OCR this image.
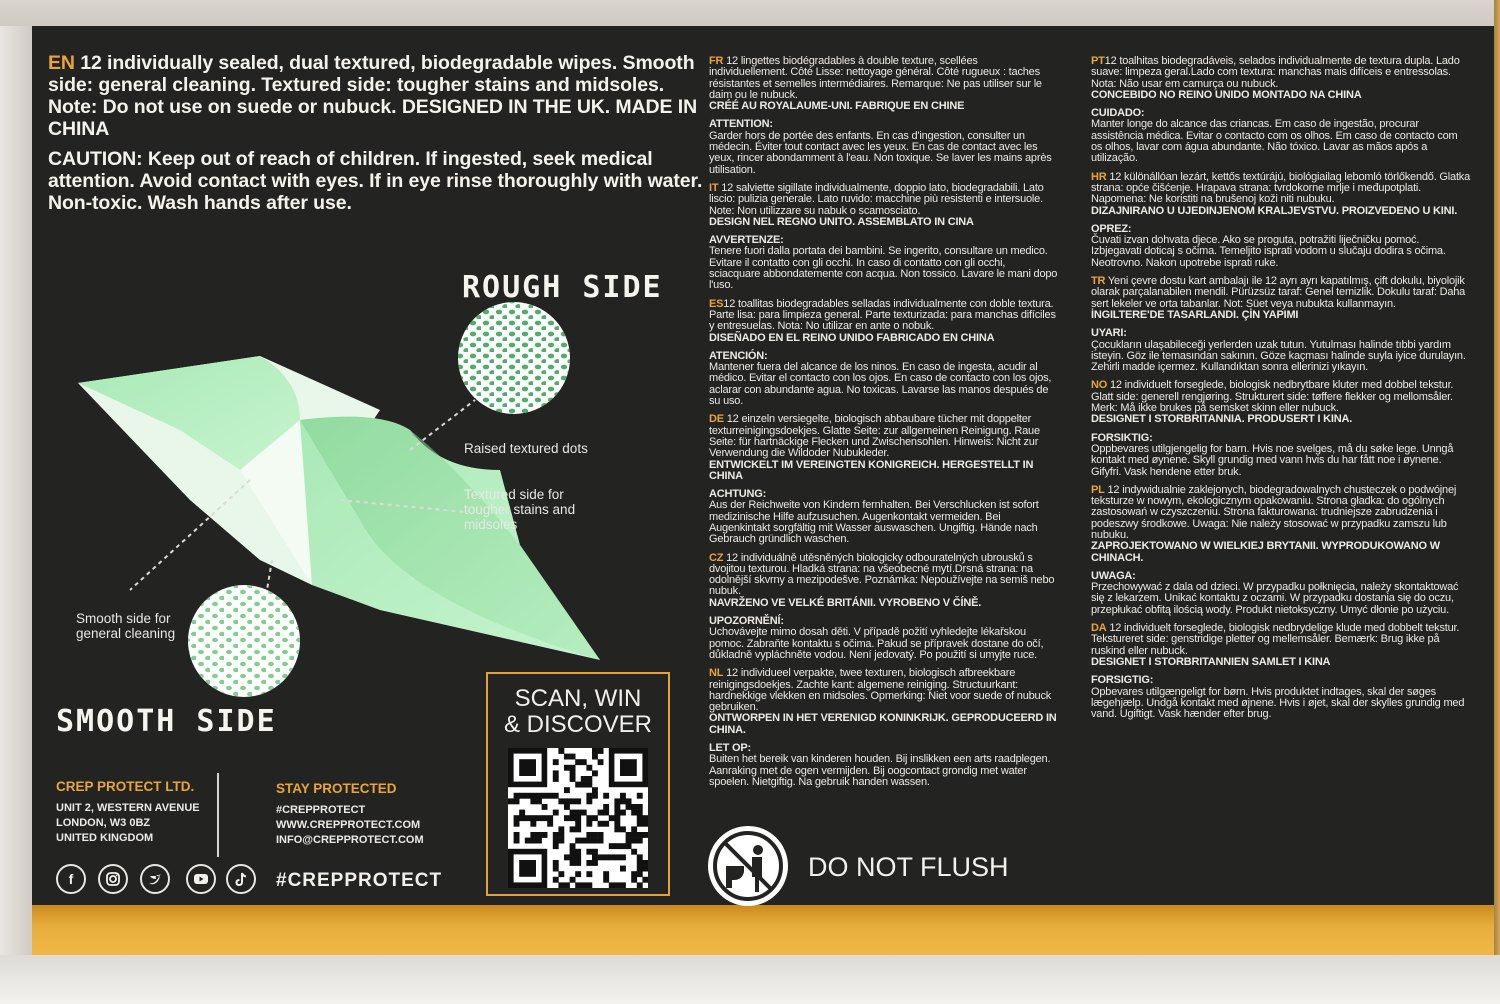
EN 12 individually sealed, dual textured, biodegradable wipes. Smooth side: general cleaning. Textured side: tougher stains and midsoles. Note: Do not use on suede or nubuck. DESIGNED IN THE UK. MADE IN CHINA

CAUTION: Keep out of reach of children. If ingested, seek medical attention. Avoid contact with eyes. If in eye rinse thoroughly with water. Non-toxic. Wash hands after use.

ROUGH SIDE
SMOOTH SIDE
Raised textured dots
Textured side for tougher stains and midsoles
Smooth side for general cleaning
FR 12 lingettes biodégradables à double texture, scellées individuellement. Côté Lisse: nettoyage général. Côté rugueux : taches résistantes et semelles intermédiaires. Remarque: Ne pas utiliser sur le daim ou le nubuck.
CRÉÉ AU ROYALAUME-UNI. FABRIQUE EN CHINE
ATTENTION:
Garder hors de portée des enfants. En cas d'ingestion, consulter un médecin. Éviter tout contact avec les yeux. En cas de contact avec les yeux, rincer abondamment à l'eau. Non toxique. Se laver les mains après utilisation.
IT 12 salviette sigillate individualmente, doppio lato, biodegradabili. Lato liscio: pulizia generale. Lato ruvido: macchine più resistenti e intersuole. Note: Non utilizzare su nabuk o scamosciato.
DESIGN NEL REGNO UNITO. ASSEMBLATO IN CINA
AVVERTENZE:
Tenere fuori dalla portata dei bambini. Se ingerito, consultare un medico. Evitare il contatto con gli occhi. In caso di contatto con gli occhi, sciacquare abbondatemente con acqua. Non tossico. Lavare le mani dopo l'uso.
ES12 toallitas biodegradables selladas individualmente con doble textura. Parte lisa: para limpieza general. Parte texturizada: para manchas difíciles y entresuelas. Nota: No utilizar en ante o nobuk.
DISEÑADO EN EL REINO UNIDO FABRICADO EN CHINA
ATENCIÓN:
Mantener fuera del alcance de los ninos. En caso de ingesta, acudir al médico. Evitar el contacto con los ojos. En caso de contacto con los ojos, aclarar con abundante agua. No toxicas. Lavarse las manos después de su uso.
DE 12 einzeln versiegelte, biologisch abbaubare tücher mit doppelter texturreinigingsdoekjes. Glatte Seite: zur allgemeinen Reinigung. Raue Seite: für hartnäckige Flecken und Zwischensohlen. Hinweis: Nicht zur Verwendung die Wildoder Nubukleder.
ENTWICKELT IM VEREINGTEN KONIGREICH. HERGESTELLT IN CHINA
ACHTUNG:
Aus der Reichweite von Kindern fernhalten. Bei Verschlucken ist sofort medizinische Hilfe aufzusuchen. Augenkontakt vermeiden. Bei Augenkintakt sorgfältig mit Wasser auswaschen. Ungiftig. Hände nach Gebrauch gründlich waschen.
CZ 12 individuálně utěsněných biologicky odbouratelných ubrousků s dvojitou texturou. Hladká strana: na všeobecné mytí.Drsná strana: na odolnější skvrny a mezipodešve. Poznámka: Nepoužívejte na semiš nebo nubuk.
NAVRŽENO VE VELKÉ BRITÁNII. VYROBENO V ČÍNĚ.
UPOZORNĚNÍ:
Uchovávejte mimo dosah děti. V případě požití vyhledejte lékařskou pomoc. Zabraňte kontaktu s očima. Pakud se přípravek dostane do očí, důkladně vypláchněte vodou. Není jedovatý. Po použití si umyjte ruce.
NL 12 individueel verpakte, twee texturen, biologisch afbreekbare reinigingsdoekjes. Zachte kant: algemene reiniging. Structuurkant: hardnekkige vlekken en midsoles. Opmerking: Niet voor suede of nubuck gebruiken.
ONTWORPEN IN HET VERENIGD KONINKRIJK. GEPRODUCEERD IN CHINA.
LET OP:
Buiten het bereik van kinderen houden. Bij inslikken een arts raadplegen. Aanraking met de ogen vermijden. Bij oogcontact grondig met water spoelen. Nietgiftig. Na gebruik handen wassen.
PT12 toalhitas biodegradáveis, selados individualmente de textura dupla. Lado suave: limpeza geral.Lado com textura: manchas mais difíceis e entressolas. Nota: Não usar em camurça ou nubuck.
CONCEBIDO NO REINO UNIDO MONTADO NA CHINA
CUIDADO:
Manter longe do alcance das criancas. Em caso de ingestão, procurar assistência médica. Evitar o contacto com os olhos. Em caso de contacto com os olhos, lavar com água abundante. Não tóxico. Lavar as mãos após a utilização.
HR 12 különállóan lezárt, kettős textúrájú, biológiailag lebomló törlőkendő. Glatka strana: opće čišćenje. Hrapava strana: tvrdokorne mrlje i međupotplati. Napomena: Ne koristiti na brušenoj koži niti nubuku.
DIZAJNIRANO U UJEDINJENOM KRALJEVSTVU. PROIZVEDENO U KINI.
OPREZ:
Čuvati izvan dohvata djece. Ako se proguta, potražiti liječničku pomoć. Izbjegavati doticaj s očima. Temeljito isprati vodom u slučaju dodira s očima. Neotrovno. Nakon upotrebe isprati ruke.
TR Yeni çevre dostu kart ambalajı ile 12 ayrı ayrı kapatılmış, çift dokulu, biyolojik olarak parçalanabilen mendil. Pürüzsüz taraf: Genel temizlik. Dokulu taraf: Daha sert lekeler ve orta tabanlar. Not: Süet veya nubukta kullanmayın.
İNGILTERE'DE TASARLANDI. ÇİN YAPIMI
UYARI:
Çocukların ulaşabileceği yerlerden uzak tutun. Yutulması halinde tıbbi yardım isteyin. Göz ile temasından sakının. Göze kaçması halinde suyla iyice durulayın. Zehirli madde içermez. Kullandıktan sonra ellerinizi yıkayın.
NO 12 individuelt forseglede, biologisk nedbrytbare kluter med dobbel tekstur. Glatt side: generell rengjøring. Strukturert side: tøffere flekker og mellomsåler. Merk: Må ikke brukes på semsket skinn eller nubuck.
DESIGNET I STORBRITANNIA. PRODUSERT I KINA.
FORSIKTIG:
Oppbevares utilgjengelig for barn. Hvis noe svelges, må du søke lege. Unngå kontakt med øynene. Skyll grundig med vann hvis du har fått noe i øynene. Gifyfri. Vask hendene etter bruk.
PL 12 indywidualnie zaklejonych, biodegradowalnych chusteczek o podwójnej teksturze w nowym, ekologicznym opakowaniu. Strona gładka: do ogólnych zastosowań w czyszczeniu. Strona fakturowana: trudniejsze zabrudzenia i podeszwy środkowe. Uwaga: Nie należy stosować w przypadku zamszu lub nubuku.
ZAPROJEKTOWANO W WIELKIEJ BRYTANII. WYPRODUKOWANO W CHINACH.
UWAGA:
Przechowywać z dala od dzieci. W przypadku połknięcia, należy skontaktować się z lekarzem. Unikać kontaktu z oczami. W przypadku dostania się do oczu, przepłukać obfitą ilością wody. Produkt nietoksyczny. Umyć dłonie po użyciu.
DA 12 individuelt forseglede, biologisk nedbrydelige klude med dobbelt tekstur. Tekstureret side: genstridige pletter og mellemsåler. Bemærk: Brug ikke på ruskind eller nubuck.
DESIGNET I STORBRITANNIEN SAMLET I KINA
FORSIGTIG:
Opbevares utilgængeligt for børn. Hvis produktet indtages, skal der søges lægehjælp. Undgå kontakt med øjnene. Hvis i øjet, skal der skylles grundig med vand. Ugiftigt. Vask hænder efter brug.
SCAN, WIN
& DISCOVER
CREP PROTECT LTD.
UNIT 2, WESTERN AVENUE
LONDON, W3 0BZ
UNITED KINGDOM
STAY PROTECTED
#CREPPROTECT
WWW.CREPPROTECT.COM
INFO@CREPPROTECT.COM
f	#CREPPROTECT	DO NOT FLUSH
